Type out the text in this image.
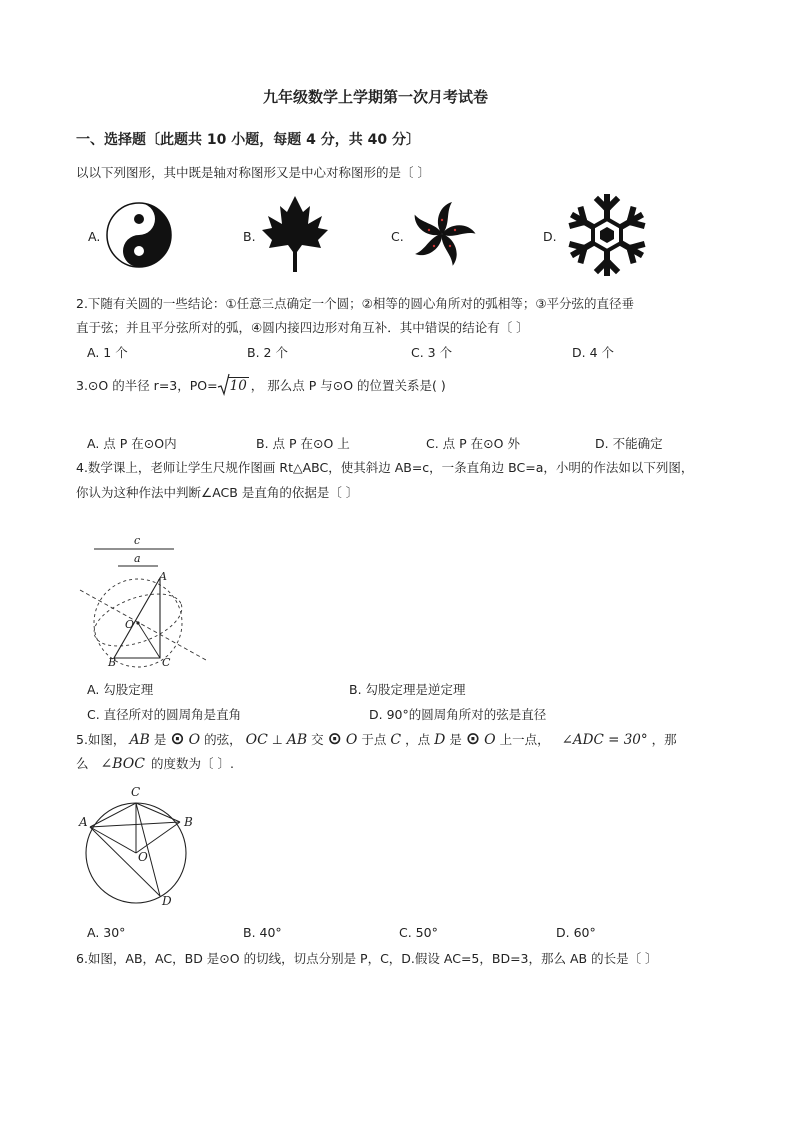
九年级数学上学期第一次月考试卷
一、选择题〔此题共 10 小题，每题 4 分，共 40 分〕
以以下列图形，其中既是轴对称图形又是中心对称图形的是〔 〕
A.	B.	C.	D.
2.下随有关圆的一些结论：①任意三点确定一个圆；②相等的圆心角所对的弧相等；③平分弦的直径垂
直于弦；并且平分弦所对的弧，④圆内接四边形对角互补．其中错误的结论有〔 〕
A. 1 个	B. 2 个	C. 3 个	D. 4 个
3.⊙O 的半径 r=3，PO= 10 ， 那么点 P 与⊙O 的位置关系是( )
A. 点 P 在⊙O内	B. 点 P 在⊙O 上	C. 点 P 在⊙O 外	D. 不能确定
4.数学课上，老师让学生尺规作图画 Rt△ABC，使其斜边 AB=c，一条直角边 BC=a，小明的作法如以下列图，
你认为这种作法中判断∠ACB 是直角的依据是〔 〕
c
a
A
B	C
O
A. 勾股定理	B. 勾股定理是逆定理
C. 直径所对的圆周角是直角	D. 90°的圆周角所对的弦是直径
5.如图， AB 是 ⊙ O 的弦， OC ⊥ AB 交 ⊙ O 于点 C ，点 D 是 ⊙ O 上一点， ∠ADC = 30° ，那
么 ∠BOC 的度数为〔 〕.
C
A	B
O
D
A. 30°	B. 40°	C. 50°	D. 60°
6.如图，AB，AC，BD 是⊙O 的切线，切点分别是 P，C，D.假设 AC=5，BD=3，那么 AB 的长是〔 〕
